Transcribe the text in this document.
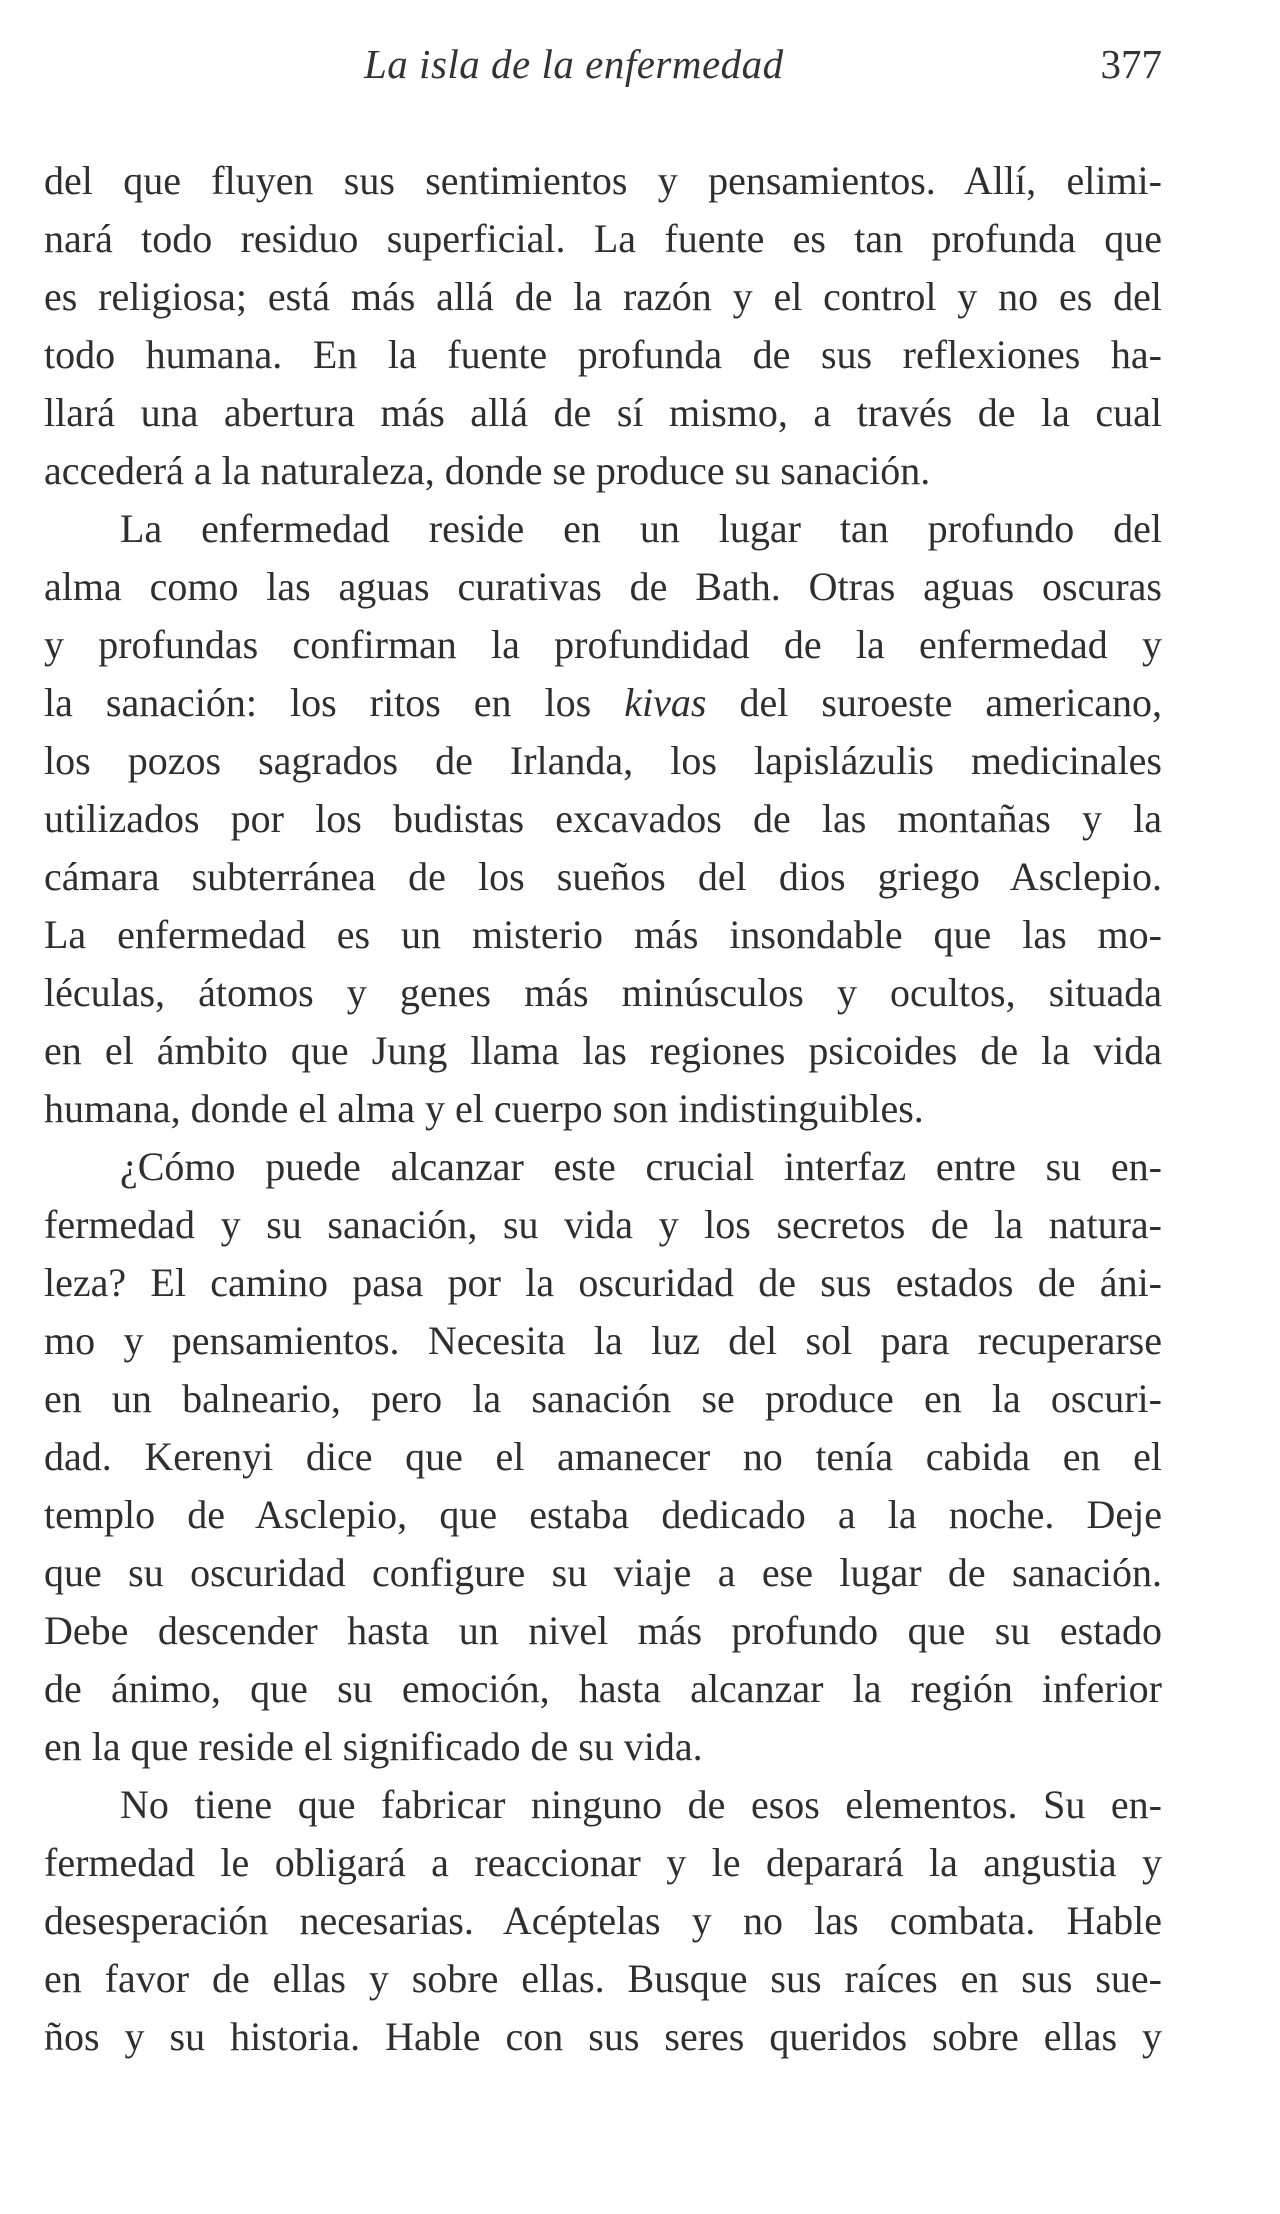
La isla de la enfermedad	377
del que fluyen sus sentimientos y pensamientos. Allí, elimi-
nará todo residuo superficial. La fuente es tan profunda que
es religiosa; está más allá de la razón y el control y no es del
todo humana. En la fuente profunda de sus reflexiones ha-
llará una abertura más allá de sí mismo, a través de la cual
accederá a la naturaleza, donde se produce su sanación.
La enfermedad reside en un lugar tan profundo del
alma como las aguas curativas de Bath. Otras aguas oscuras
y profundas confirman la profundidad de la enfermedad y
la sanación: los ritos en los kivas del suroeste americano,
los pozos sagrados de Irlanda, los lapislázulis medicinales
utilizados por los budistas excavados de las montañas y la
cámara subterránea de los sueños del dios griego Asclepio.
La enfermedad es un misterio más insondable que las mo-
léculas, átomos y genes más minúsculos y ocultos, situada
en el ámbito que Jung llama las regiones psicoides de la vida
humana, donde el alma y el cuerpo son indistinguibles.
¿Cómo puede alcanzar este crucial interfaz entre su en-
fermedad y su sanación, su vida y los secretos de la natura-
leza? El camino pasa por la oscuridad de sus estados de áni-
mo y pensamientos. Necesita la luz del sol para recuperarse
en un balneario, pero la sanación se produce en la oscuri-
dad. Kerenyi dice que el amanecer no tenía cabida en el
templo de Asclepio, que estaba dedicado a la noche. Deje
que su oscuridad configure su viaje a ese lugar de sanación.
Debe descender hasta un nivel más profundo que su estado
de ánimo, que su emoción, hasta alcanzar la región inferior
en la que reside el significado de su vida.
No tiene que fabricar ninguno de esos elementos. Su en-
fermedad le obligará a reaccionar y le deparará la angustia y
desesperación necesarias. Acéptelas y no las combata. Hable
en favor de ellas y sobre ellas. Busque sus raíces en sus sue-
ños y su historia. Hable con sus seres queridos sobre ellas y
